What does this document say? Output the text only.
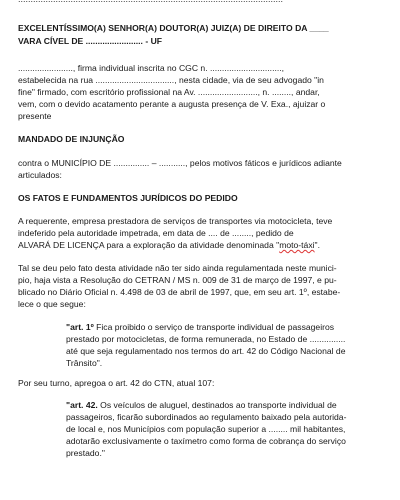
EXCELENTÍSSIMO(A) SENHOR(A) DOUTOR(A) JUIZ(A) DE DIREITO DA ____

VARA CÍVEL DE ........................ - UF

......................., firma individual inscrita no CGC n. ..............................,

estabelecida na rua ................................., nesta cidade, via de seu advogado "in

fine" firmado, com escritório profissional na Av. ........................., n. ........, andar,

vem, com o devido acatamento perante a augusta presença de V. Exa., ajuizar o

presente

MANDADO DE INJUNÇÃO

contra o MUNICÍPIO DE ............... – ..........., pelos motivos fáticos e jurídicos adiante

articulados:

OS FATOS E FUNDAMENTOS JURÍDICOS DO PEDIDO

A requerente, empresa prestadora de serviços de transportes via motocicleta, teve

indeferido pela autoridade impetrada, em data de .... de ........, pedido de

ALVARÁ DE LICENÇA para a exploração da atividade denominada "moto-táxi".

Tal se deu pelo fato desta atividade não ter sido ainda regulamentada neste munici-

pio, haja vista a Resolução do CETRAN / MS n. 009 de 31 de março de 1997, e pu-

blicado no Diário Oficial n. 4.498 de 03 de abril de 1997, que, em seu art. 1º, estabe-

lece o que segue:

"art. 1º Fica proibido o serviço de transporte individual de passageiros

prestado por motocicletas, de forma remunerada, no Estado de ...............

até que seja regulamentado nos termos do art. 42 do Código Nacional de

Trânsito".

Por seu turno, apregoa o art. 42 do CTN, atual 107:

"art. 42. Os veículos de aluguel, destinados ao transporte individual de

passageiros, ficarão subordinados ao regulamento baixado pela autorida-

de local e, nos Municípios com população superior a ........ mil habitantes,

adotarão exclusivamente o taxímetro como forma de cobrança do serviço

prestado."
